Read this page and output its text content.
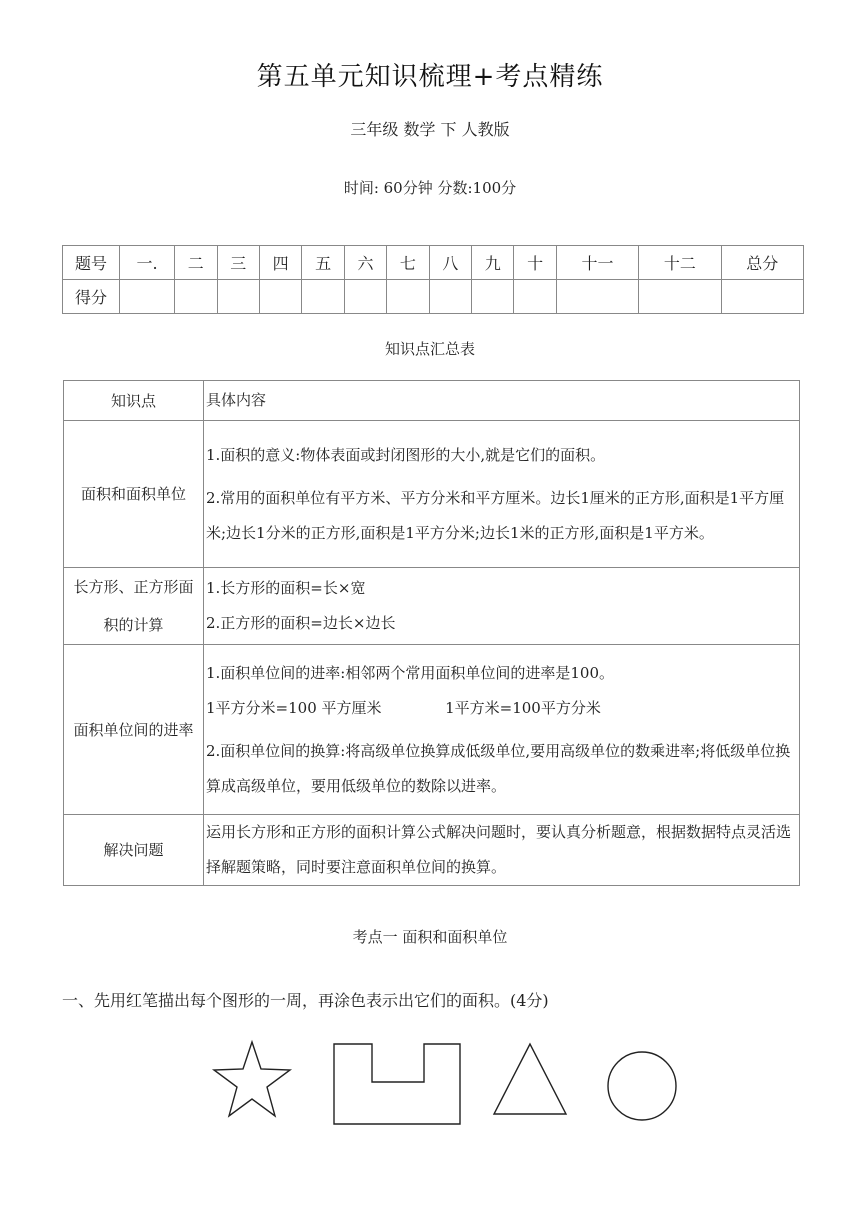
第五单元知识梳理+考点精练
三年级 数学 下 人教版
时间: 60分钟 分数:100分
题号	一.	二	三	四	五	六	七	八	九	十	十一	十二	总分
得分													
知识点汇总表
知识点	具体内容
面积和面积单位	1.面积的意义:物体表面或封闭图形的大小,就是它们的面积。

2.常用的面积单位有平方米、平方分米和平方厘米。边长1厘米的正方形,面积是1平方厘米;边长1分米的正方形,面积是1平方分米;边长1米的正方形,面积是1平方米。

长方形、正方形面积的计算	1.长方形的面积=长×宽

2.正方形的面积=边长×边长

面积单位间的进率	1.面积单位间的进率:相邻两个常用面积单位间的进率是100。

1平方分米=100 平方厘米 1平方米=100平方分米

2.面积单位间的换算:将高级单位换算成低级单位,要用高级单位的数乘进率;将低级单位换算成高级单位，要用低级单位的数除以进率。

解决问题	运用长方形和正方形的面积计算公式解决问题时，要认真分析题意，根据数据特点灵活选择解题策略，同时要注意面积单位间的换算。

考点一 面积和面积单位
一、先用红笔描出每个图形的一周，再涂色表示出它们的面积。(4分)
